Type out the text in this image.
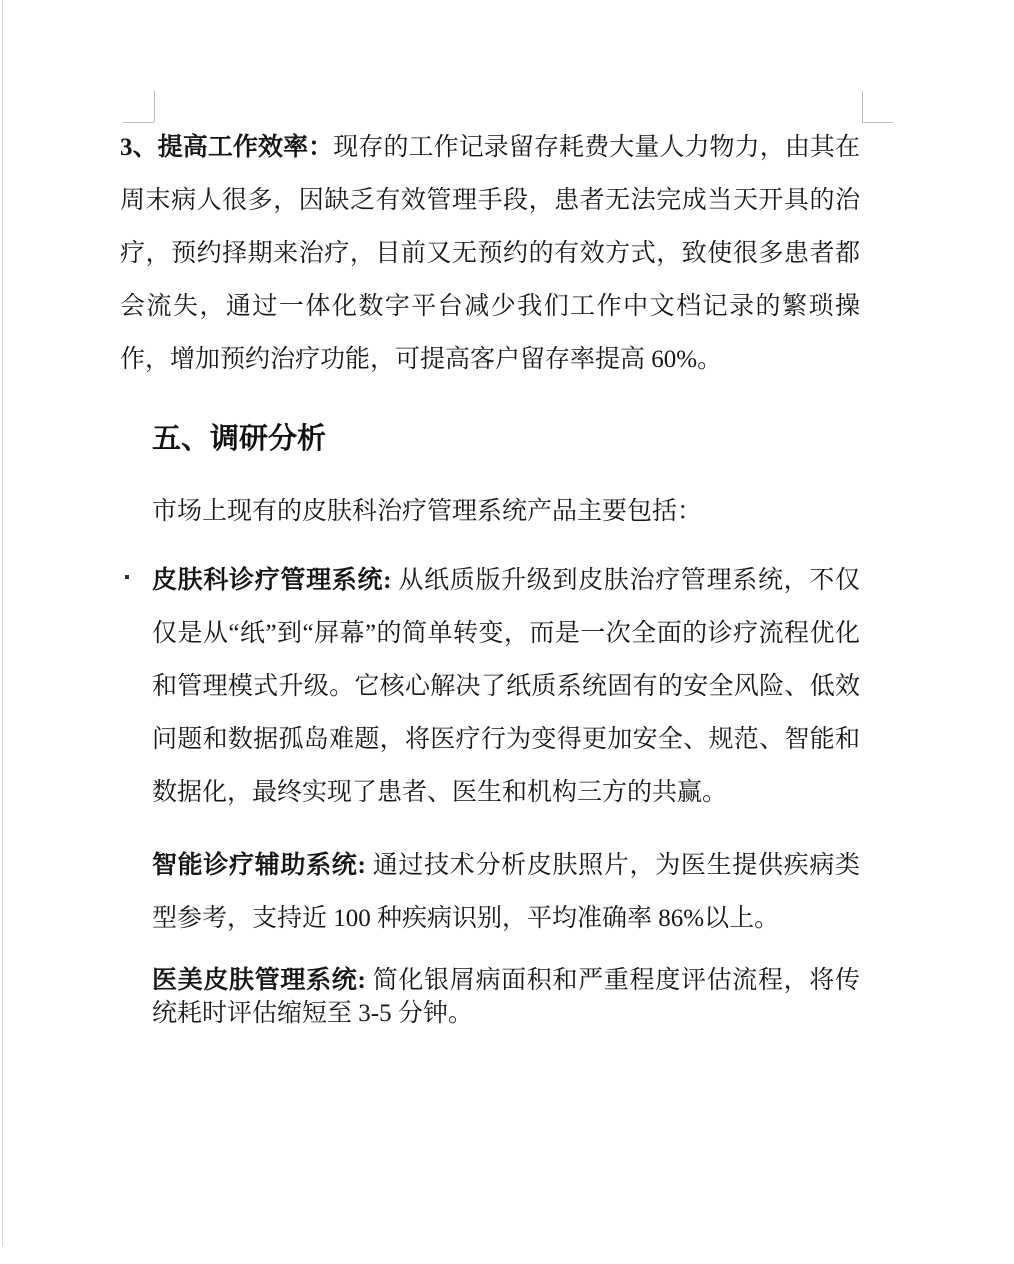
3、提高工作效率：现存的工作记录留存耗费大量人力物力，由其在周末病人很多，因缺乏有效管理手段，患者无法完成当天开具的治疗，预约择期来治疗，目前又无预约的有效方式，致使很多患者都会流失，通过一体化数字平台减少我们工作中文档记录的繁琐操作，增加预约治疗功能，可提高客户留存率提高 60%。

五、调研分析

市场上现有的皮肤科治疗管理系统产品主要包括：

皮肤科诊疗管理系统: 从纸质版升级到皮肤治疗管理系统，不仅仅是从“纸”到“屏幕”的简单转变，而是一次全面的诊疗流程优化和管理模式升级。它核心解决了纸质系统固有的安全风险、低效问题和数据孤岛难题，将医疗行为变得更加安全、规范、智能和数据化，最终实现了患者、医生和机构三方的共赢。

智能诊疗辅助系统: 通过技术分析皮肤照片，为医生提供疾病类型参考，支持近 100 种疾病识别，平均准确率 86%以上。

医美皮肤管理系统: 简化银屑病面积和严重程度评估流程，将传统耗时评估缩短至 3-5 分钟。
